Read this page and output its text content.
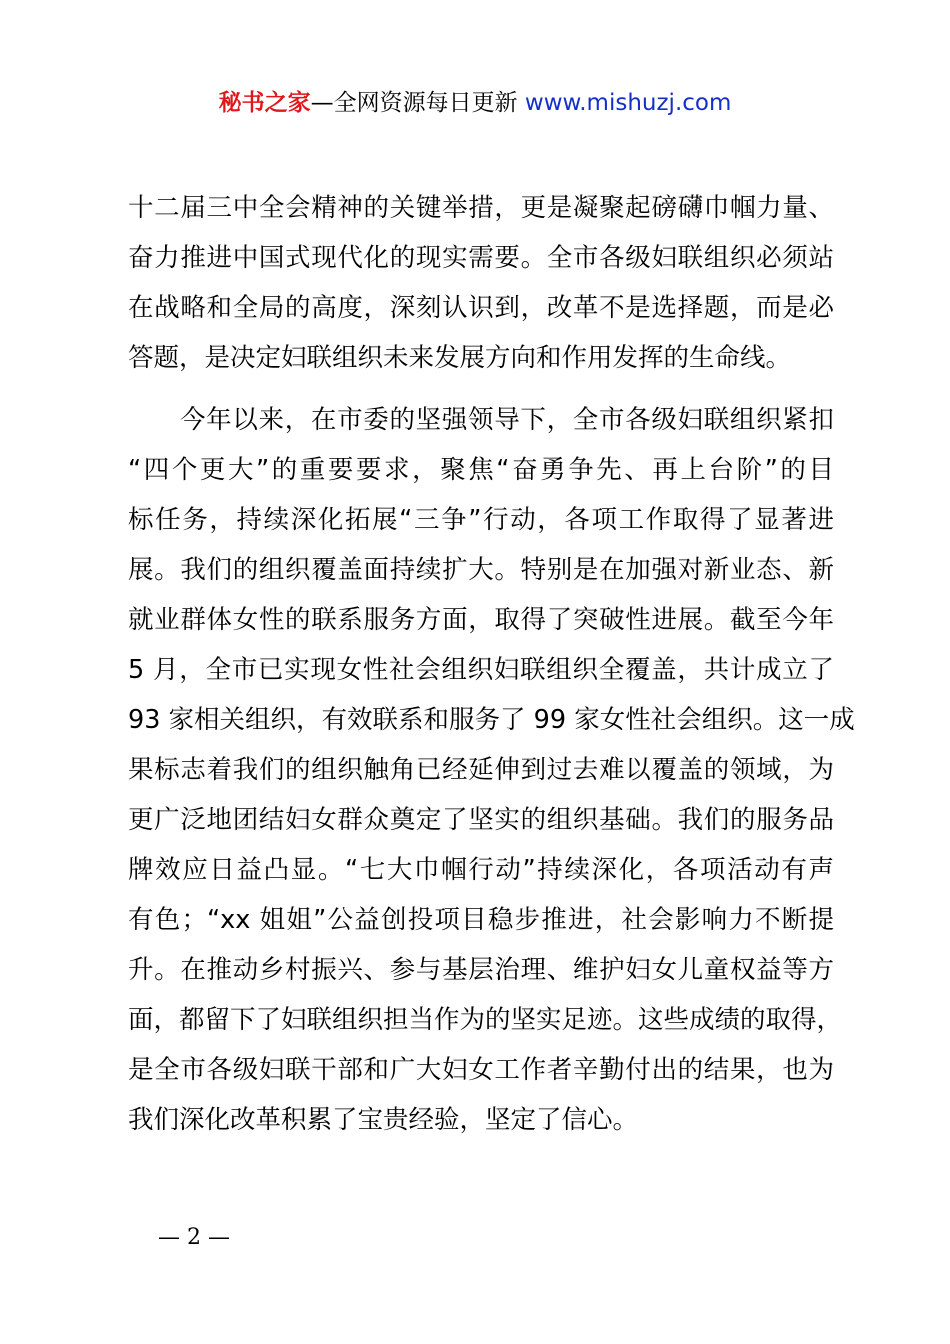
秘书之家—全网资源每日更新 www.mishuzj.com
十二届三中全会精神的关键举措，更是凝聚起磅礴巾帼力量、
奋力推进中国式现代化的现实需要。全市各级妇联组织必须站
在战略和全局的高度，深刻认识到，改革不是选择题，而是必
答题，是决定妇联组织未来发展方向和作用发挥的生命线。
今年以来，在市委的坚强领导下，全市各级妇联组织紧扣
“四个更大”的重要要求，聚焦“奋勇争先、再上台阶”的目
标任务，持续深化拓展“三争”行动，各项工作取得了显著进
展。我们的组织覆盖面持续扩大。特别是在加强对新业态、新
就业群体女性的联系服务方面，取得了突破性进展。截至今年
5 月，全市已实现女性社会组织妇联组织全覆盖，共计成立了
93 家相关组织，有效联系和服务了 99 家女性社会组织。这一成
果标志着我们的组织触角已经延伸到过去难以覆盖的领域，为
更广泛地团结妇女群众奠定了坚实的组织基础。我们的服务品
牌效应日益凸显。“七大巾帼行动”持续深化，各项活动有声
有色；“xx 姐姐”公益创投项目稳步推进，社会影响力不断提
升。在推动乡村振兴、参与基层治理、维护妇女儿童权益等方
面，都留下了妇联组织担当作为的坚实足迹。这些成绩的取得，
是全市各级妇联干部和广大妇女工作者辛勤付出的结果，也为
我们深化改革积累了宝贵经验，坚定了信心。
— 2 —
